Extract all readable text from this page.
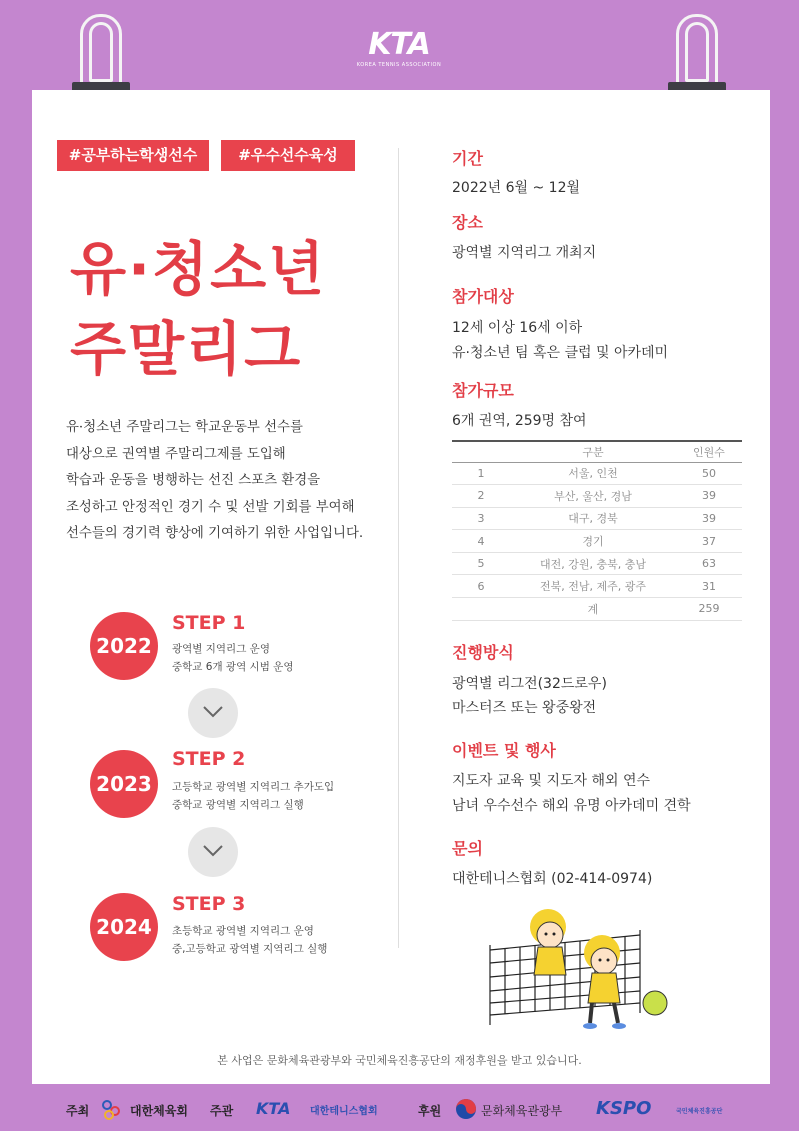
KTA
KOREA TENNIS ASSOCIATION
#공부하는학생선수	#우수선수육성
유·청소년
주말리그
유·청소년 주말리그는 학교운동부 선수를
대상으로 권역별 주말리그제를 도입해
학습과 운동을 병행하는 선진 스포츠 환경을
조성하고 안정적인 경기 수 및 선발 기회를 부여해
선수들의 경기력 향상에 기여하기 위한 사업입니다.
2022
STEP 1
광역별 지역리그 운영
중학교 6개 광역 시범 운영
2023
STEP 2
고등학교 광역별 지역리그 추가도입
중학교 광역별 지역리그 실행
2024
STEP 3
초등학교 광역별 지역리그 운영
중,고등학교 광역별 지역리그 실행
기간
2022년 6월 ~ 12월
장소
광역별 지역리그 개최지
참가대상
12세 이상 16세 이하
유·청소년 팀 혹은 클럽 및 아카데미
참가규모
6개 권역, 259명 참여
	구분	인원수
1	서울, 인천	50
2	부산, 울산, 경남	39
3	대구, 경북	39
4	경기	37
5	대전, 강원, 충북, 충남	63
6	전북, 전남, 제주, 광주	31
	계	259
진행방식
광역별 리그전(32드로우)
마스터즈 또는 왕중왕전
이벤트 및 행사
지도자 교육 및 지도자 해외 연수
남녀 우수선수 해외 유명 아카데미 견학
문의
대한테니스협회 (02-414-0974)
본 사업은 문화체육관광부와 국민체육진흥공단의 재정후원을 받고 있습니다.
주최	대한체육회 주관 KTA 대한테니스협회	후원	문화체육관광부 KSPO	국민체육진흥공단
